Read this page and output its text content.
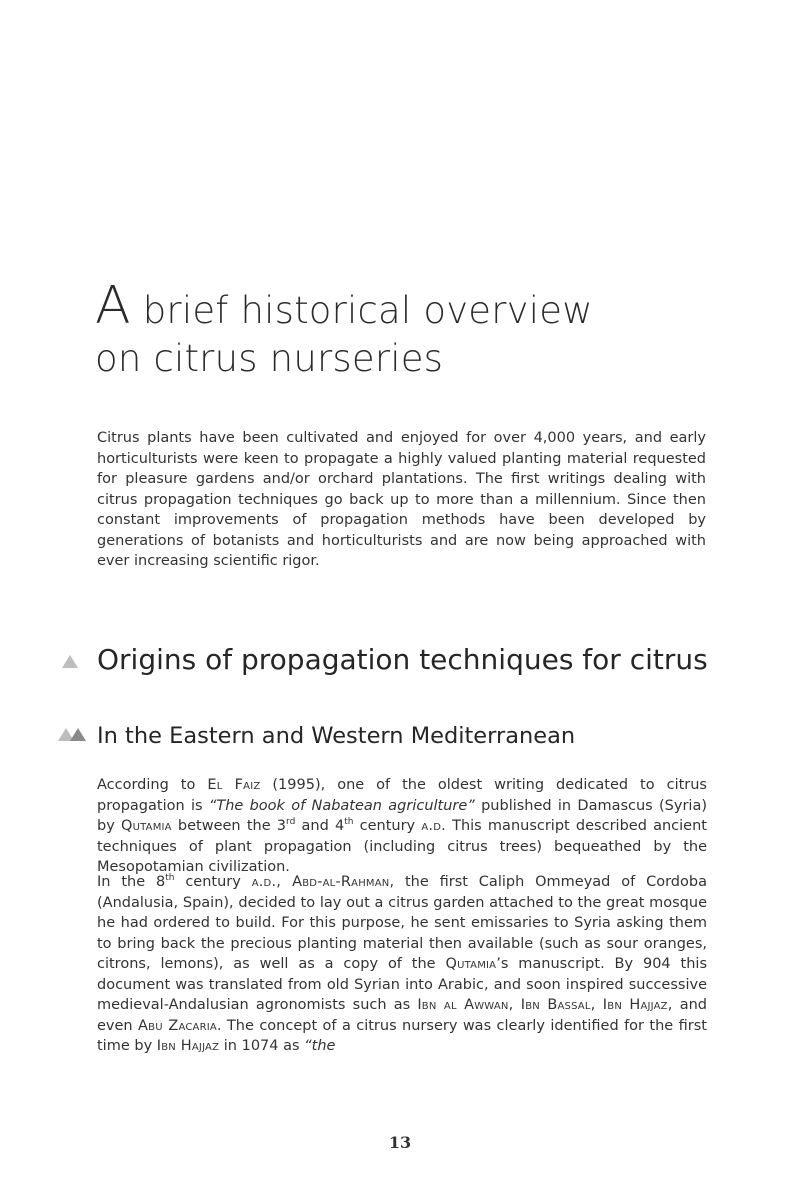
A brief historical overview
on citrus nurseries

Citrus plants have been cultivated and enjoyed for over 4,000 years, and early horticulturists were keen to propagate a highly valued planting material requested for pleasure gardens and/or orchard plantations. The first writings dealing with citrus propagation techniques go back up to more than a millennium. Since then constant improvements of propagation methods have been developed by generations of botanists and horticulturists and are now being approached with ever increasing scientific rigor.

Origins of propagation techniques for citrus
In the Eastern and Western Mediterranean

According to El Faiz (1995), one of the oldest writing dedicated to citrus propagation is “The book of Nabatean agriculture” published in Damascus (Syria) by Qutamia between the 3rd and 4th century a.d. This manuscript described ancient techniques of plant propagation (including citrus trees) bequeathed by the Mesopotamian civilization.

In the 8th century a.d., Abd-al-Rahman, the first Caliph Ommeyad of Cordoba (Andalusia, Spain), decided to lay out a citrus garden attached to the great mosque he had ordered to build. For this purpose, he sent emissaries to Syria asking them to bring back the precious planting material then available (such as sour oranges, citrons, lemons), as well as a copy of the Qutamia’s manuscript. By 904 this document was translated from old Syrian into Arabic, and soon inspired successive medieval-Andalusian agronomists such as Ibn al Awwan, Ibn Bassal, Ibn Hajjaz, and even Abu Zacaria. The concept of a citrus nursery was clearly identified for the first time by Ibn Hajjaz in 1074 as “the

13
